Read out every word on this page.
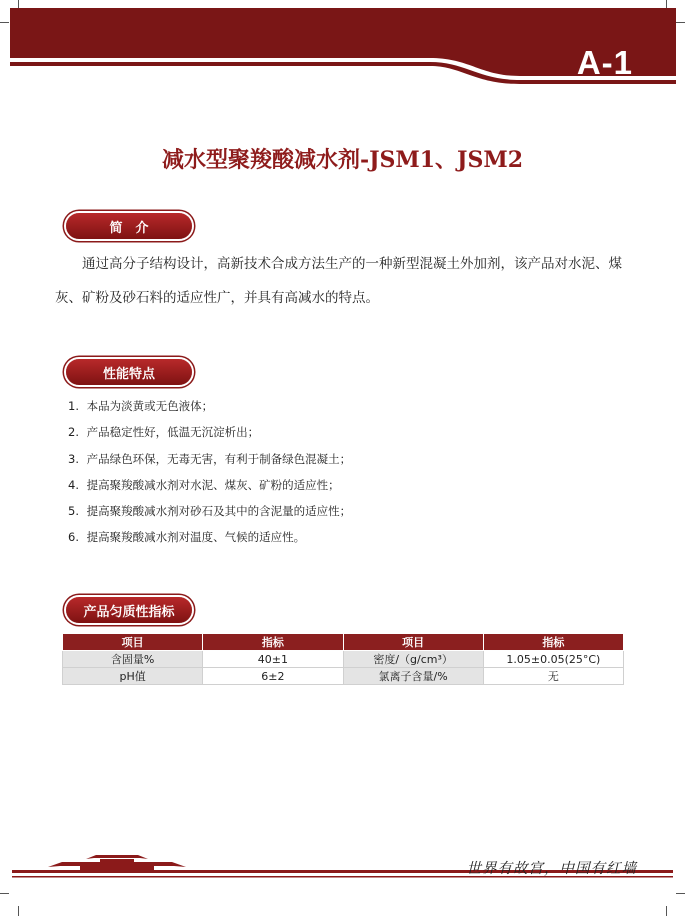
A-1
减水型聚羧酸减水剂-JSM1、JSM2
简　介

　　通过高分子结构设计，高新技术合成方法生产的一种新型混凝土外加剂，该产品对水泥、煤灰、矿粉及砂石料的适应性广，并具有高减水的特点。

性能特点
1. 本品为淡黄或无色液体；
2. 产品稳定性好，低温无沉淀析出；
3. 产品绿色环保，无毒无害，有利于制备绿色混凝土；
4. 提高聚羧酸减水剂对水泥、煤灰、矿粉的适应性；
5. 提高聚羧酸减水剂对砂石及其中的含泥量的适应性；
6. 提高聚羧酸减水剂对温度、气候的适应性。
产品匀质性指标
项目	指标	项目	指标
含固量%	40±1	密度/（g/cm³）	1.05±0.05(25°C)
pH值	6±2	氯离子含量/%	无
世界有故宫，中国有红墙
